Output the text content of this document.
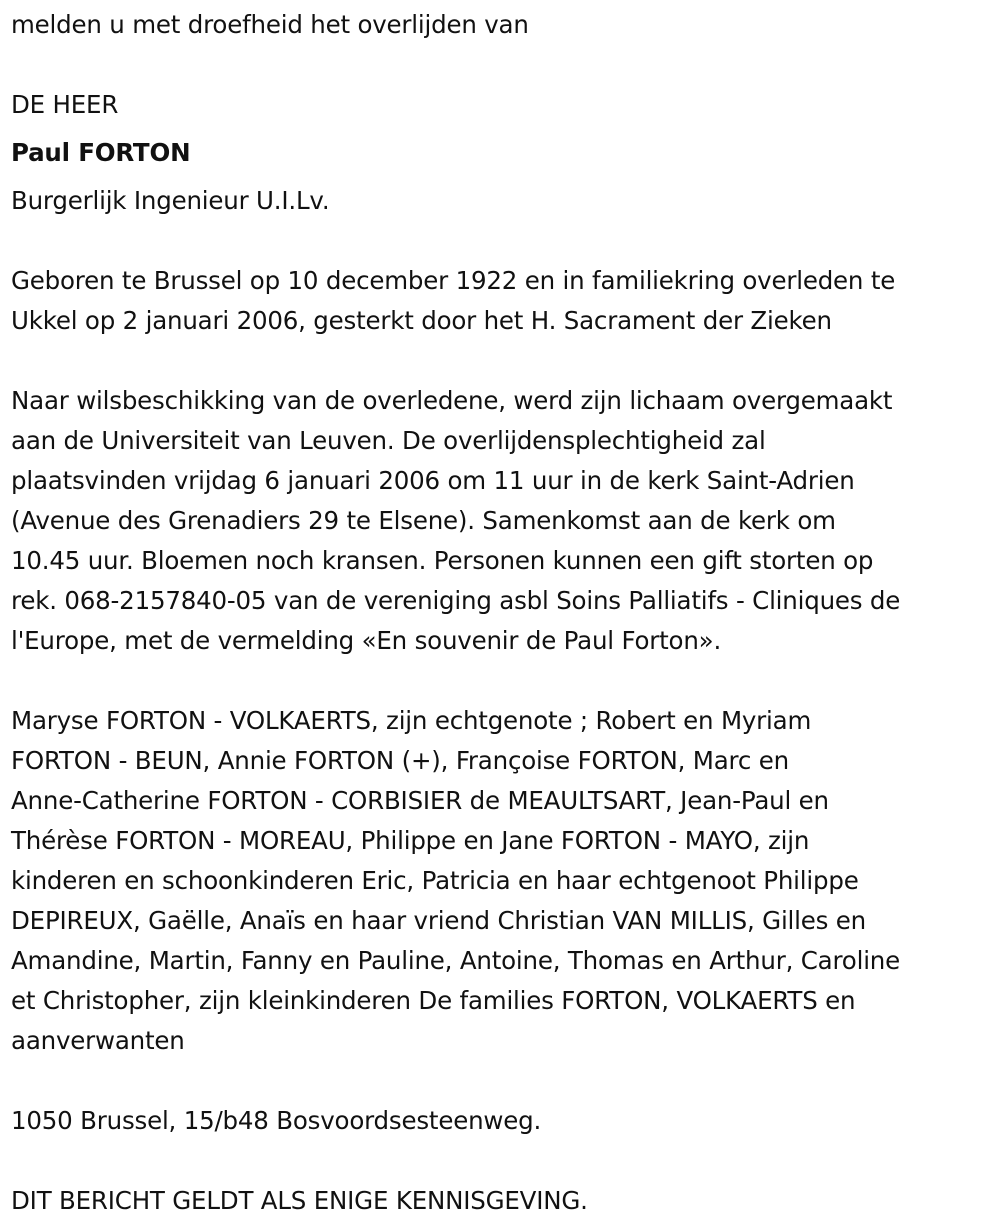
melden u met droefheid het overlijden van
DE HEER
Paul FORTON
Burgerlijk Ingenieur U.I.Lv.
Geboren te Brussel op 10 december 1922 en in familiekring overleden te
Ukkel op 2 januari 2006, gesterkt door het H. Sacrament der Zieken
Naar wilsbeschikking van de overledene, werd zijn lichaam overgemaakt
aan de Universiteit van Leuven. De overlijdensplechtigheid zal
plaatsvinden vrijdag 6 januari 2006 om 11 uur in de kerk Saint-Adrien
(Avenue des Grenadiers 29 te Elsene). Samenkomst aan de kerk om
10.45 uur. Bloemen noch kransen. Personen kunnen een gift storten op
rek. 068-2157840-05 van de vereniging asbl Soins Palliatifs - Cliniques de
l'Europe, met de vermelding «En souvenir de Paul Forton».
Maryse FORTON - VOLKAERTS, zijn echtgenote ; Robert en Myriam
FORTON - BEUN, Annie FORTON (+), Françoise FORTON, Marc en
Anne-Catherine FORTON - CORBISIER de MEAULTSART, Jean-Paul en
Thérèse FORTON - MOREAU, Philippe en Jane FORTON - MAYO, zijn
kinderen en schoonkinderen Eric, Patricia en haar echtgenoot Philippe
DEPIREUX, Gaëlle, Anaïs en haar vriend Christian VAN MILLIS, Gilles en
Amandine, Martin, Fanny en Pauline, Antoine, Thomas en Arthur, Caroline
et Christopher, zijn kleinkinderen De families FORTON, VOLKAERTS en
aanverwanten
1050 Brussel, 15/b48 Bosvoordsesteenweg.
DIT BERICHT GELDT ALS ENIGE KENNISGEVING.
